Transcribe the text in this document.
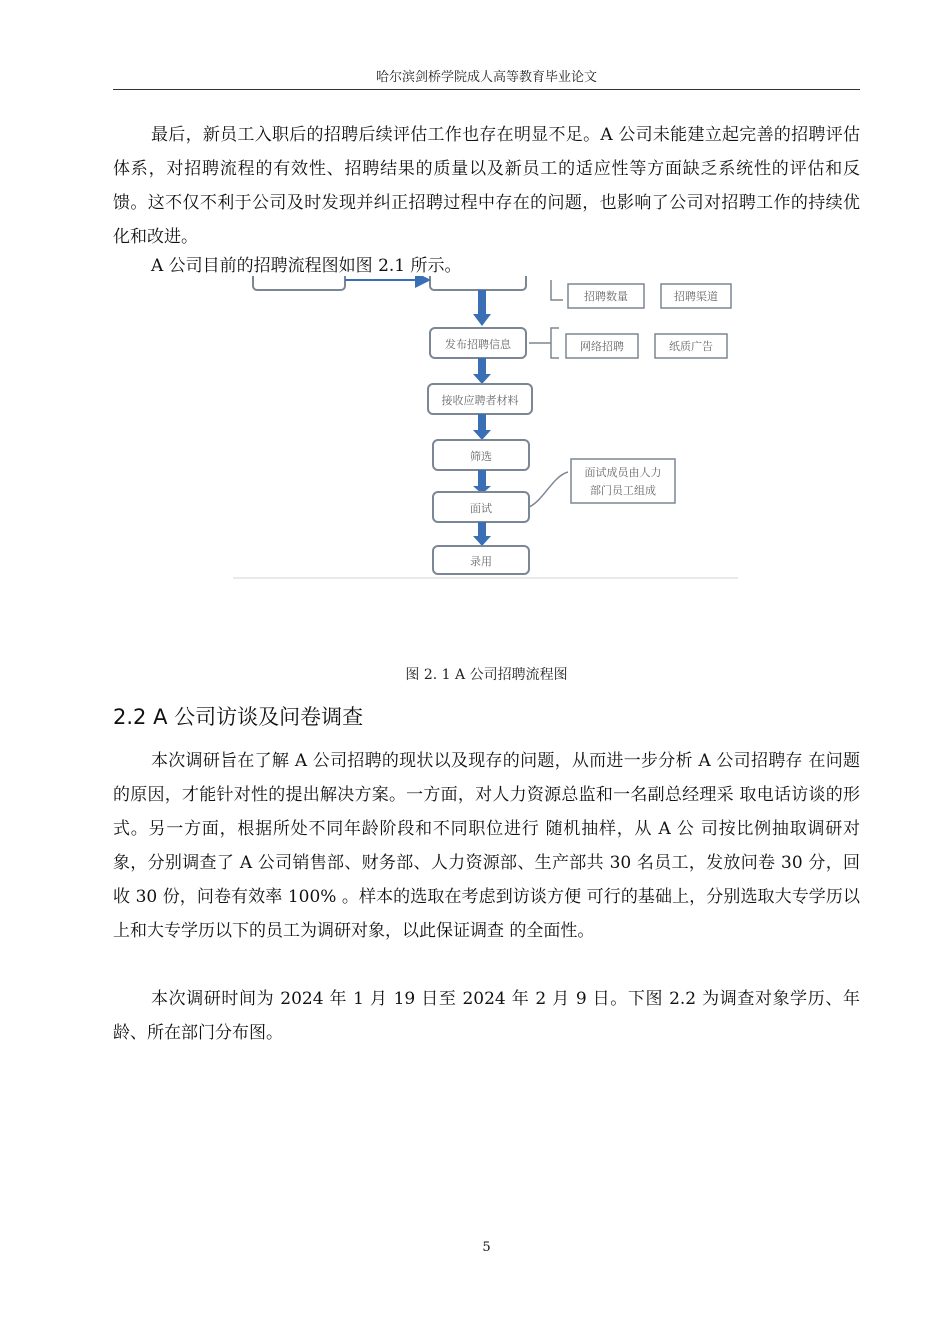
哈尔滨剑桥学院成人高等教育毕业论文

最后，新员工入职后的招聘后续评估工作也存在明显不足。A 公司未能建立起完善的招聘评估体系，对招聘流程的有效性、招聘结果的质量以及新员工的适应性等方面缺乏系统性的评估和反馈。这不仅不利于公司及时发现并纠正招聘过程中存在的问题，也影响了公司对招聘工作的持续优化和改进。

A 公司目前的招聘流程图如图 2.1 所示。

招聘数量	招聘渠道
发布招聘信息	网络招聘	纸质广告
接收应聘者材料
筛选
面试
面试成员由人力
部门员工组成
录用
图 2. 1 A 公司招聘流程图
2.2 A 公司访谈及问卷调查

本次调研旨在了解 A 公司招聘的现状以及现存的问题，从而进一步分析 A 公司招聘存 在问题的原因，才能针对性的提出解决方案。一方面，对人力资源总监和一名副总经理采 取电话访谈的形式。另一方面，根据所处不同年龄阶段和不同职位进行 随机抽样，从 A 公 司按比例抽取调研对象，分别调查了 A 公司销售部、财务部、人力资源部、生产部共 30 名员工，发放问卷 30 分，回收 30 份，问卷有效率 100% 。样本的选取在考虑到访谈方便 可行的基础上，分别选取大专学历以上和大专学历以下的员工为调研对象，以此保证调查 的全面性。

本次调研时间为 2024 年 1 月 19 日至 2024 年 2 月 9 日。下图 2.2 为调查对象学历、年 龄、所在部门分布图。

5
